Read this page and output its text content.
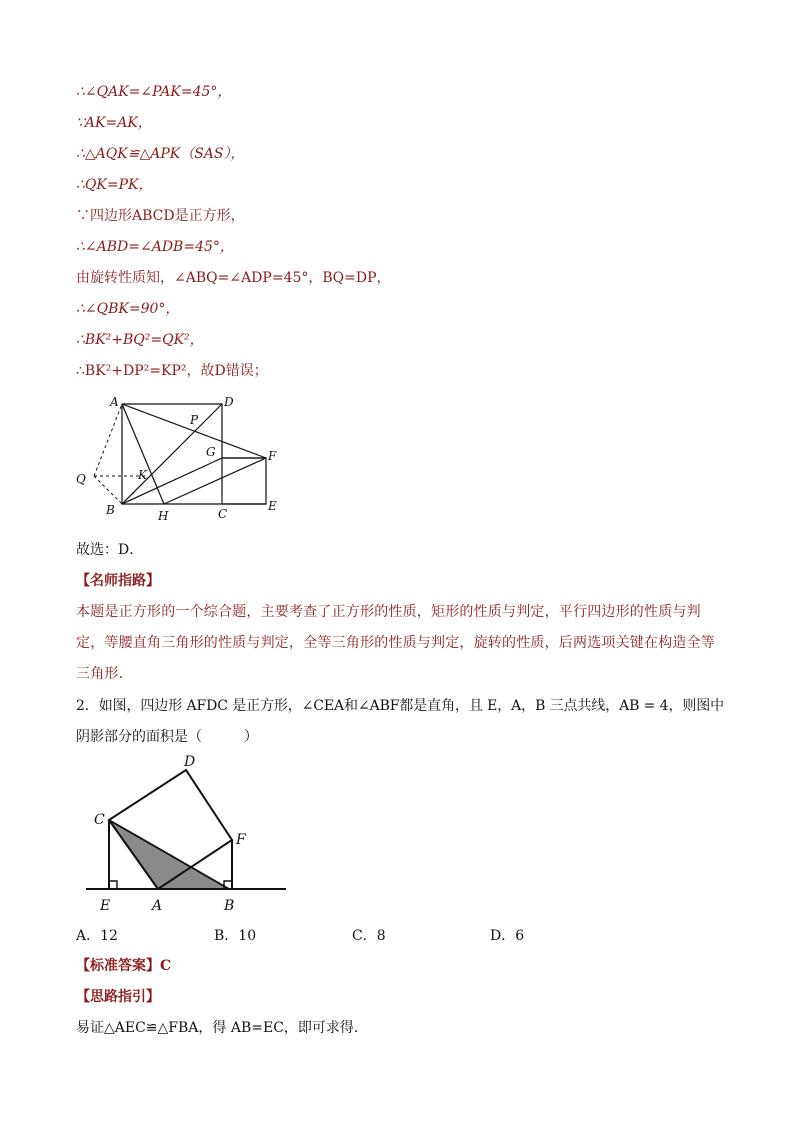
∴∠QAK=∠PAK=45°，
∵AK=AK，
∴△AQK≌△APK（SAS），
∴QK=PK，
∵四边形ABCD是正方形，
∴∠ABD=∠ADB=45°，
由旋转性质知，∠ABQ=∠ADP=45°，BQ=DP，
∴∠QBK=90°，
∴BK²+BQ²=QK²，
∴BK²+DP²=KP²，故D错误；
A	D
P
G	F
Q	K
B	H	C
E
故选：D．
【名师指路】
本题是正方形的一个综合题，主要考查了正方形的性质，矩形的性质与判定，平行四边形的性质与判定，等腰直角三角形的性质与判定，全等三角形的性质与判定，旋转的性质，后两选项关键在构造全等三角形．
2．如图，四边形 AFDC 是正方形，∠CEA和∠ABF都是直角，且 E，A，B 三点共线，AB = 4，则图中
阴影部分的面积是（　　　）
D
C
F
E	A	B
A．12	B．10	C．8	D．6
【标准答案】C
【思路指引】
易证△AEC≌△FBA，得 AB=EC，即可求得．
